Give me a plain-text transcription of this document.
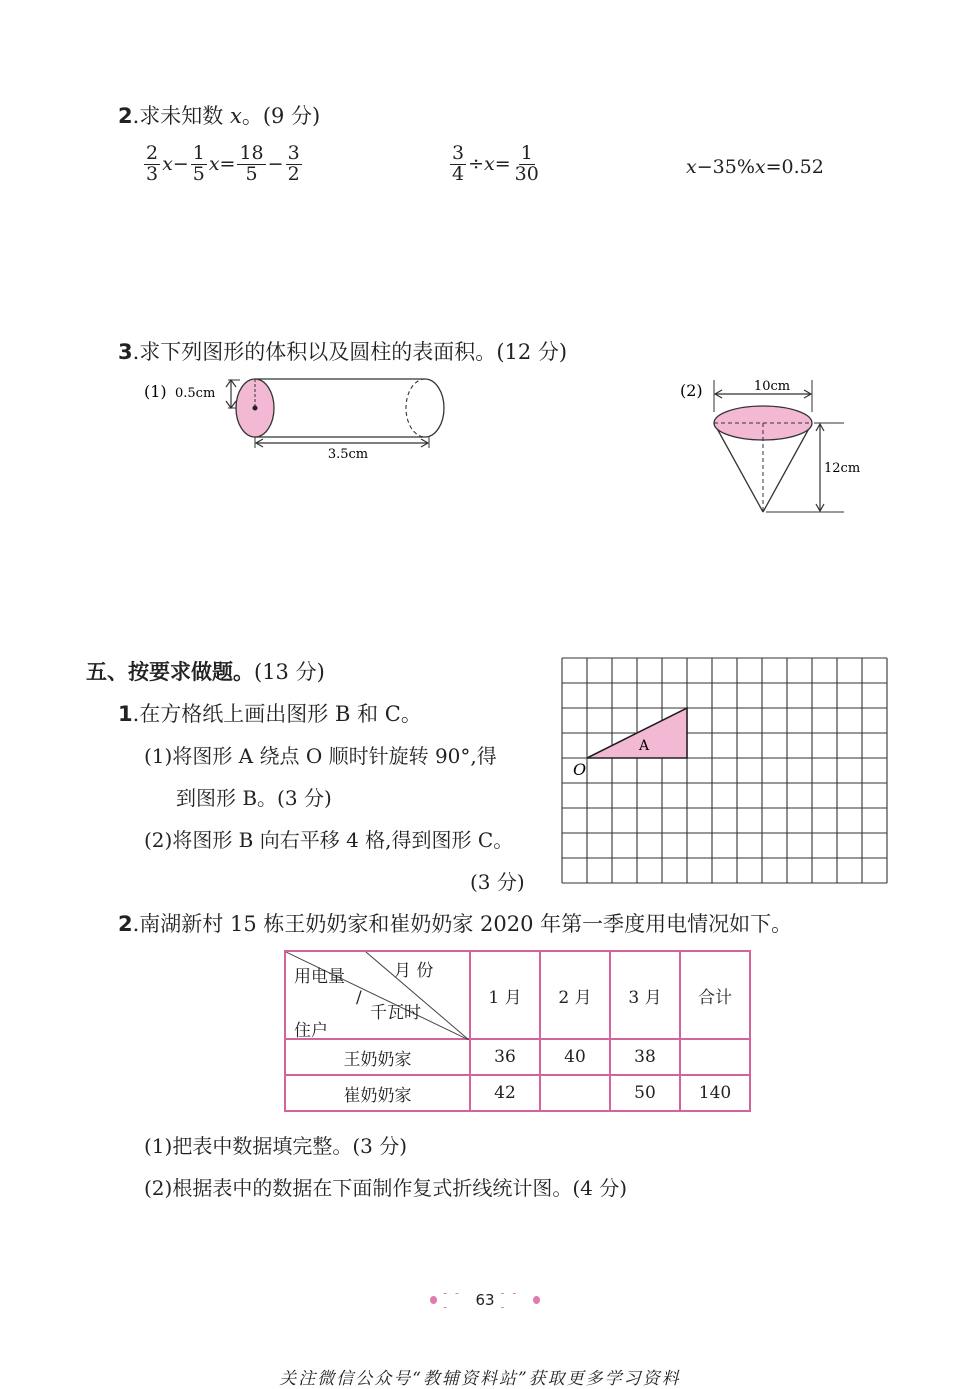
2.求未知数 x。(9 分)
$\frac{2}{3}$ $x - \frac{1}{5}$ $x = \frac{18}{5} - \frac{3}{2}$	$\frac{3}{4} \div x = \frac{1}{30}$	x −35% x =0.52
3.求下列图形的体积以及圆柱的表面积。(12 分)
(1) 0.5cm
3.5cm
(2)	10cm
12cm
五、按要求做题。(13 分)
1.在方格纸上画出图形 B 和 C。
(1)将图形 A 绕点 O 顺时针旋转 90°,得
到图形 B。(3 分)
(2)将图形 B 向右平移 4 格,得到图形 C。
(3 分)
A
O
2.南湖新村 15 栋王奶奶家和崔奶奶家 2020 年第一季度用电情况如下。
月 份
用电量
/
千瓦时
住户	1 月	2 月	3 月	合计
王奶奶家	36	40	38	
崔奶奶家	42		50	140
(1)把表中数据填完整。(3 分)
(2)根据表中的数据在下面制作复式折线统计图。(4 分)
- - -	63 - - -
关注微信公众号“教辅资料站”获取更多学习资料
